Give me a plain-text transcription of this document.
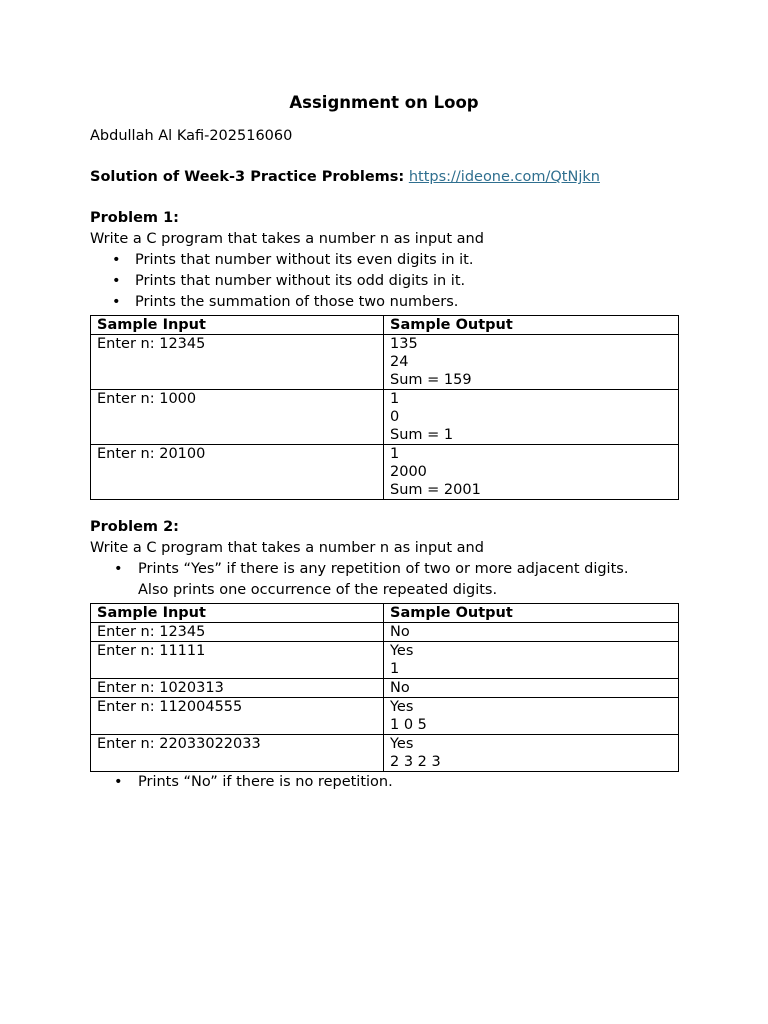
Assignment on Loop
Abdullah Al Kafi-202516060
Solution of Week-3 Practice Problems: https://ideone.com/QtNjkn
Problem 1:
Write a C program that takes a number n as input and
• Prints that number without its even digits in it.
• Prints that number without its odd digits in it.
• Prints the summation of those two numbers.
Sample Input	Sample Output
Enter n: 12345	135
24
Sum = 159

Enter n: 1000	1
0
Sum = 1

Enter n: 20100	1
2000
Sum = 2001
Problem 2:
Write a C program that takes a number n as input and
• Prints “Yes” if there is any repetition of two or more adjacent digits.
Also prints one occurrence of the repeated digits.
Sample Input	Sample Output
Enter n: 12345	No

Enter n: 11111	Yes
1

Enter n: 1020313	No

Enter n: 112004555	Yes
1 0 5

Enter n: 22033022033	Yes
2 3 2 3
• Prints “No” if there is no repetition.
